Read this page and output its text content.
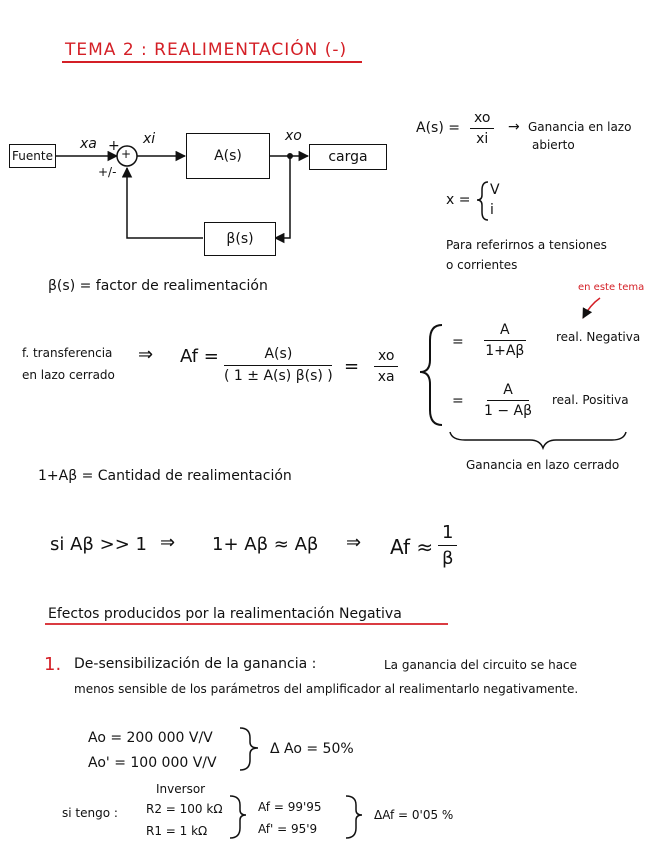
TEMA 2 : REALIMENTACIÓN (-)
Fuente
xa + xi
+
+/-
A(s)
xo
carga
β(s)
$A(s) = \frac{xo}{xi}$ → Ganancia en lazo
abierto
x =
V
i
Para referirnos a tensiones
o corrientes
en este tema
β(s) = factor de realimentación
f. transferencia
en lazo cerrado
⇒ $Af = \frac{A(s)}{( 1 \pm A(s) \beta(s) )} = \frac{xo}{xa}$
= $\frac{A}{1+A\beta}$	real. Negativa
= $\frac{A}{1 - A\beta}$ real. Positiva
Ganancia en lazo cerrado
1+Aβ = Cantidad de realimentación
si Aβ >> 1 ⇒ 1+ Aβ ≈ Aβ ⇒ $Af \approx \frac{1}{\beta}$
Efectos producidos por la realimentación Negativa
1. De-sensibilización de la ganancia :	La ganancia del circuito se hace
menos sensible de los parámetros del amplificador al realimentarlo negativamente.
Ao = 200 000 V/V
Ao' = 100 000 V/V
Δ Ao = 50%
Inversor
si tengo : R2 = 100 kΩ
R1 = 1 kΩ
Af = 99'95
Af' = 95'9
ΔAf = 0'05 %
